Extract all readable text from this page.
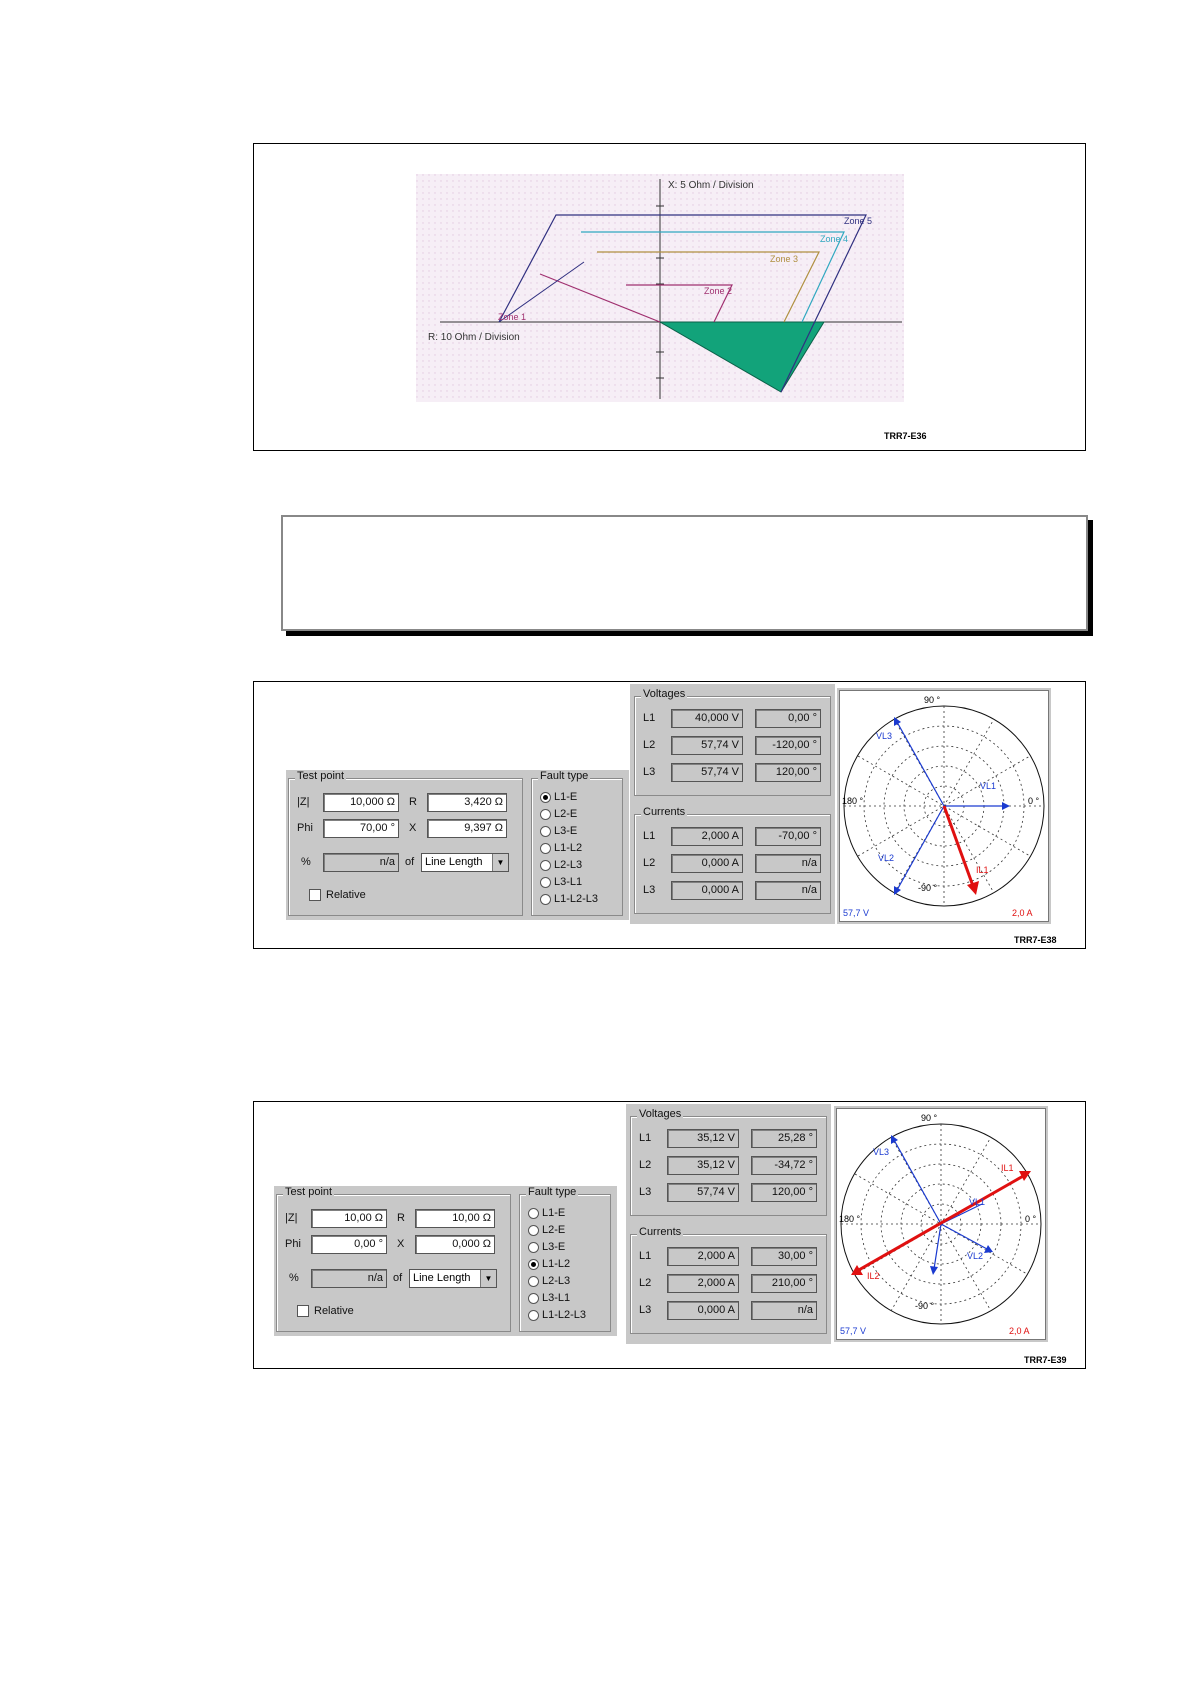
X: 5 Ohm / Division
R: 10 Ohm / Division
Zone 5
Zone 4
Zone 3
Zone 2
Zone 1
TRR7-E36
Test point
|Z|	10,000 Ω	R	3,420 Ω
Phi	70,00 °	X	9,397 Ω
%	n/a of Line Length	▼
Relative
Fault type
L1-E
L2-E
L3-E
L1-L2
L2-L3
L3-L1
L1-L2-L3
Voltages
L1	40,000 V	0,00 °
L2	57,74 V	-120,00 °
L3	57,74 V	120,00 °
Currents
L1	2,000 A	-70,00 °
L2	0,000 A	n/a
L3	0,000 A	n/a
180 °	0 °
90 °
-90 °
VL1
VL2
VL3
IL1
57,7 V	2,0 A
TRR7-E38
Test point
|Z|	10,00 Ω	R	10,00 Ω
Phi	0,00 °	X	0,000 Ω
%	n/a of Line Length	▼
Relative
Fault type
L1-E
L2-E
L3-E
L1-L2
L2-L3
L3-L1
L1-L2-L3
Voltages
L1	35,12 V	25,28 °
L2	35,12 V	-34,72 °
L3	57,74 V	120,00 °
Currents
L1	2,000 A	30,00 °
L2	2,000 A	210,00 °
L3	0,000 A	n/a
180 °	0 °
90 °
-90 °
VL1
VL2
VL3
IL1
IL2
57,7 V	2,0 A
TRR7-E39
